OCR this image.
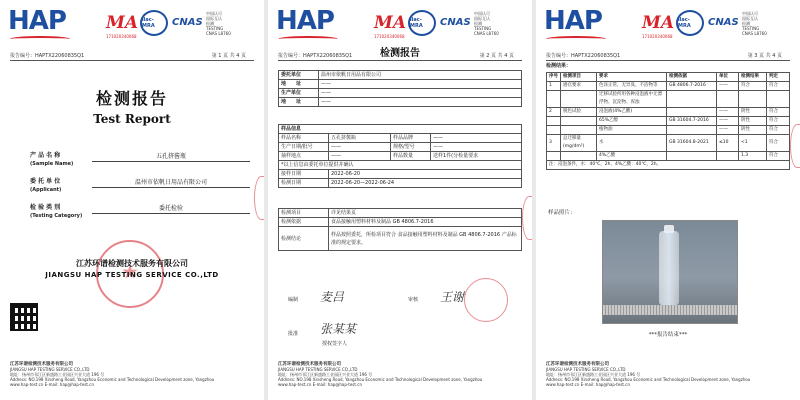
HAP	MA
171020340068
ilac-MRA	CNAS
中国认可
国际互认
检测
TESTING
CNAS L8760
报告编号：HAPTX22060835Q1	第 1 页 共 4 页
检测报告
Test Report
产 品 名 称
(Sample Name)
五孔挤酱瓶
委 托 单 位
(Applicant)
温州市依帆日用品有限公司
检 验 类 别
(Testing Category)
委托检验
江苏环谱检测技术服务有限公司
JIANGSU HAP TESTING SERVICE CO.,LTD
江苏环谱检测技术服务有限公司
JIANGSU HAP TESTING SERVICE CO.,LTD
地址：扬州市邗江区新盛路工业园区兴业大道 196 号
Address: NO.198 Xinsheng Road, Yangzhou Economic and Technological Development zone, Yangzhou
www.hap-test.cn E-mail: hap@hap-test.cn
HAP	MA
171020340068
ilac-MRA	CNAS
中国认可
国际互认
检测
TESTING
CNAS L8760
检测报告
报告编号：HAPTX22060835Q1	第 2 页 共 4 页
委托单位	温州市依帆日用品有限公司
地　　址	——
生产单位	——
地　　址	——
样品信息			
样品名称	五孔挤酱瓶	样品品牌	——
生产日期/批号	——	规格/型号	——
抽样地点	——	样品数量	送样1件(分检量要求
*以上信息由委托单位提供并确认			
接样日期	2022-06-20		
检测日期	2022-06-20—2022-06-24		
检测项目	详见结果页
检测依据	食品接触用塑料材料及制品 GB 4806.7-2016
检测结论	样品按照委托，所检项目符合 食品接触用塑料材料及制品 GB 4806.7-2016 产品标准的规定要求。
编制 麦吕	审核 王谢
批准 张某某
授权签字人
江苏环谱检测技术服务有限公司
JIANGSU HAP TESTING SERVICE CO.,LTD
地址：扬州市邗江区新盛路工业园区兴业大道 196 号
Address: NO.198 Xinsheng Road, Yangzhou Economic and Technological Development zone, Yangzhou
www.hap-test.cn E-mail: hap@hap-test.cn
HAP	MA
171020340068
ilac-MRA	CNAS
中国认可
国际互认
检测
TESTING
CNAS L8760
报告编号：HAPTX22060835Q1	第 3 页 共 4 页
检测结果：
序号	检测项目	要求	检测依据	单位	检测结果	判定
1	感官要求	色泽正常，无异臭、不洁物等	GB 4806.7-2016	——	符合	符合
		迁移试验所用各种浸泡液中无漂浮物、沉淀物、浑浊				
2	脱色试验	浸泡液(4%乙酸)		——	阴性	符合
		65%乙醇	GB 31604.7-2016	——	阴性	符合
		植物油		——	阴性	符合
3	总迁移量 (mg/dm²)	水	GB 31604.8-2021	≤10	<1	符合
		4%乙酸			1.3	符合
注：浸泡条件，水：40℃，2h，4%乙酸：40℃，2h。						
样品照片：
***报告结束***
江苏环谱检测技术服务有限公司
JIANGSU HAP TESTING SERVICE CO.,LTD
地址：扬州市邗江区新盛路工业园区兴业大道 196 号
Address: NO.198 Xinsheng Road, Yangzhou Economic and Technological Development zone, Yangzhou
www.hap-test.cn E-mail: hap@hap-test.cn
